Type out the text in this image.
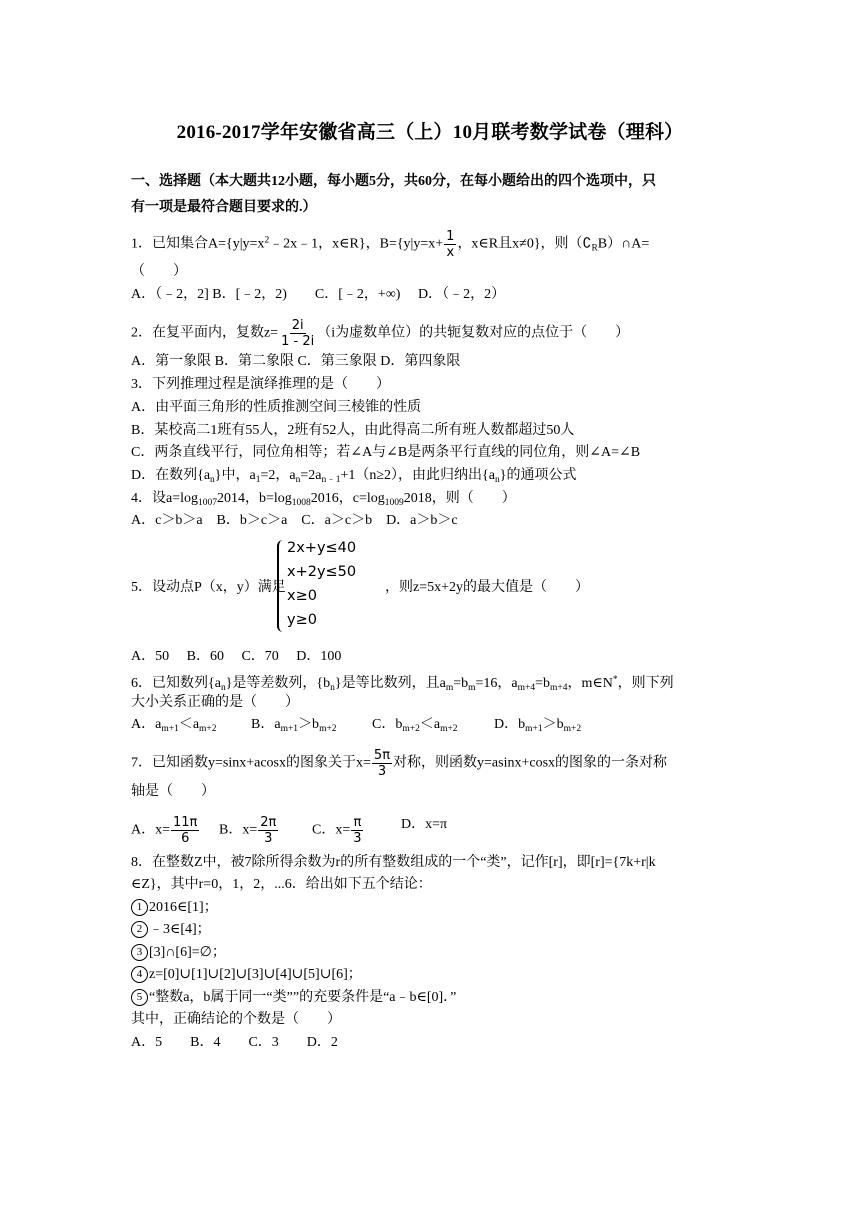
2016-2017学年安徽省高三（上）10月联考数学试卷（理科）
一、选择题（本大题共12小题，每小题5分，共60分，在每小题给出的四个选项中，只
有一项是最符合题目要求的.）
1．已知集合$A=\{y|y=x^2﹣2x﹣1$，x∈R}，$B=\{y|y=x+ \frac{1}{x}$ ，x∈R且x≠0}，则$(∁_RB)\cap A=$
（　　）
A．（﹣2，2] B．[﹣2，2)　　C．[﹣2，+∞)　 D．（﹣2，2）
2．在复平面内，复数$z= \frac{2i}{1 - 2i} (i$为虚数单位）的共轭复数对应的点位于（　　）
A．第一象限 B．第二象限 C．第三象限 D．第四象限
3．下列推理过程是演绎推理的是（　　）
A．由平面三角形的性质推测空间三棱锥的性质
B．某校高二1班有55人，2班有52人，由此得高二所有班人数都超过50人
C．两条直线平行，同位角相等；若∠A与∠B是两条平行直线的同位角，则∠A=∠B
D．在数列$\{a_n\}$中，$a_1=2$，$a_n=2a_{n﹣1}+1(n\ge 2)$，由此归纳出$\{a_n\}$的通项公式
4．设$a=\log_{1007}2014$，$b=\log_{1008}2016$，$c=\log_{1009}2018$，则（　　）
A．c＞b＞a　B．b＞c＞a　C．a＞c＞b　D．a＞b＞c
5．设动点P（x，y）满足
2x+y≤40
x+2y≤50
x≥0
y≥0
，则z=5x+2y的最大值是（　　）
A．50　 B．60　 C．70　 D．100
6．已知数列$\{a_n\}$是等差数列，$\{b_n\}$是等比数列，且$a_m=b_m=16$，$a_{m+4}=b_{m+4}$，m∈N*，则下列
大小关系正确的是（　　）
A．$a_{m+1}<a_{m+2}$ B．$a_{m+1}>b_{m+2}$	C．$b_{m+2}<a_{m+2}$	D．$b_{m+1}>b_{m+2}$
7．已知函数y=sinx+acosx的图象关于$x= \frac{5\pi}{3}$ 对称，则函数y=asinx+cosx的图象的一条对称
轴是（　　）
A．$x= \frac{11\pi}{6}$ B．$x= \frac{2\pi}{3}$ C．$x= \frac{\pi}{3}$	D．x=π
8．在整数Z中，被7除所得余数为r的所有整数组成的一个“类”，记作[r]，即[r]={7k+r|k
∈Z}，其中r=0，1，2，...6．给出如下五个结论：
1 2016∈[1]；
2 ﹣3∈[4]；
3 [3]∩[6]=∅；
4 z=[0]∪[1]∪[2]∪[3]∪[4]∪[5]∪[6]；
5 “整数a，b属于同一“类””的充要条件是“a﹣b∈[0]．”
其中，正确结论的个数是（　　）
A．5　　B．4　　C．3　　D．2
